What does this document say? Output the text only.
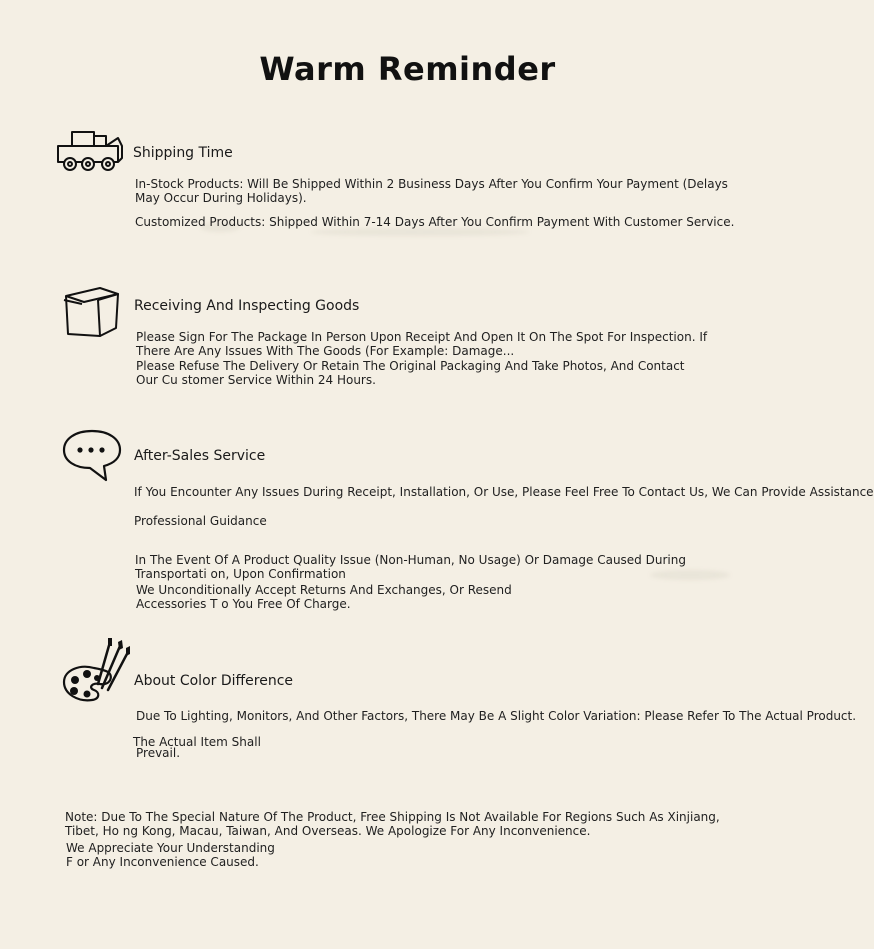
Warm Reminder
Shipping Time
In-Stock Products: Will Be Shipped Within 2 Business Days After You Confirm Your Payment (Delays May Occur During Holidays).
Customized Products: Shipped Within 7-14 Days After You Confirm Payment With Customer Service.
Receiving And Inspecting Goods
Please Sign For The Package In Person Upon Receipt And Open It On The Spot For Inspection. If There Are Any Issues With The Goods (For Example: Damage...
Please Refuse The Delivery Or Retain The Original Packaging And Take Photos, And Contact Our Cu stomer Service Within 24 Hours.
After-Sales Service
If You Encounter Any Issues During Receipt, Installation, Or Use, Please Feel Free To Contact Us, We Can Provide Assistance
Professional Guidance
In The Event Of A Product Quality Issue (Non-Human, No Usage) Or Damage Caused During Transportati on, Upon Confirmation
We Unconditionally Accept Returns And Exchanges, Or Resend Accessories T o You Free Of Charge.
About Color Difference
Due To Lighting, Monitors, And Other Factors, There May Be A Slight Color Variation: Please Refer To The Actual Product.
The Actual Item Shall
Prevail.
Note: Due To The Special Nature Of The Product, Free Shipping Is Not Available For Regions Such As Xinjiang, Tibet, Ho ng Kong, Macau, Taiwan, And Overseas. We Apologize For Any Inconvenience.
We Appreciate Your Understanding F or Any Inconvenience Caused.
